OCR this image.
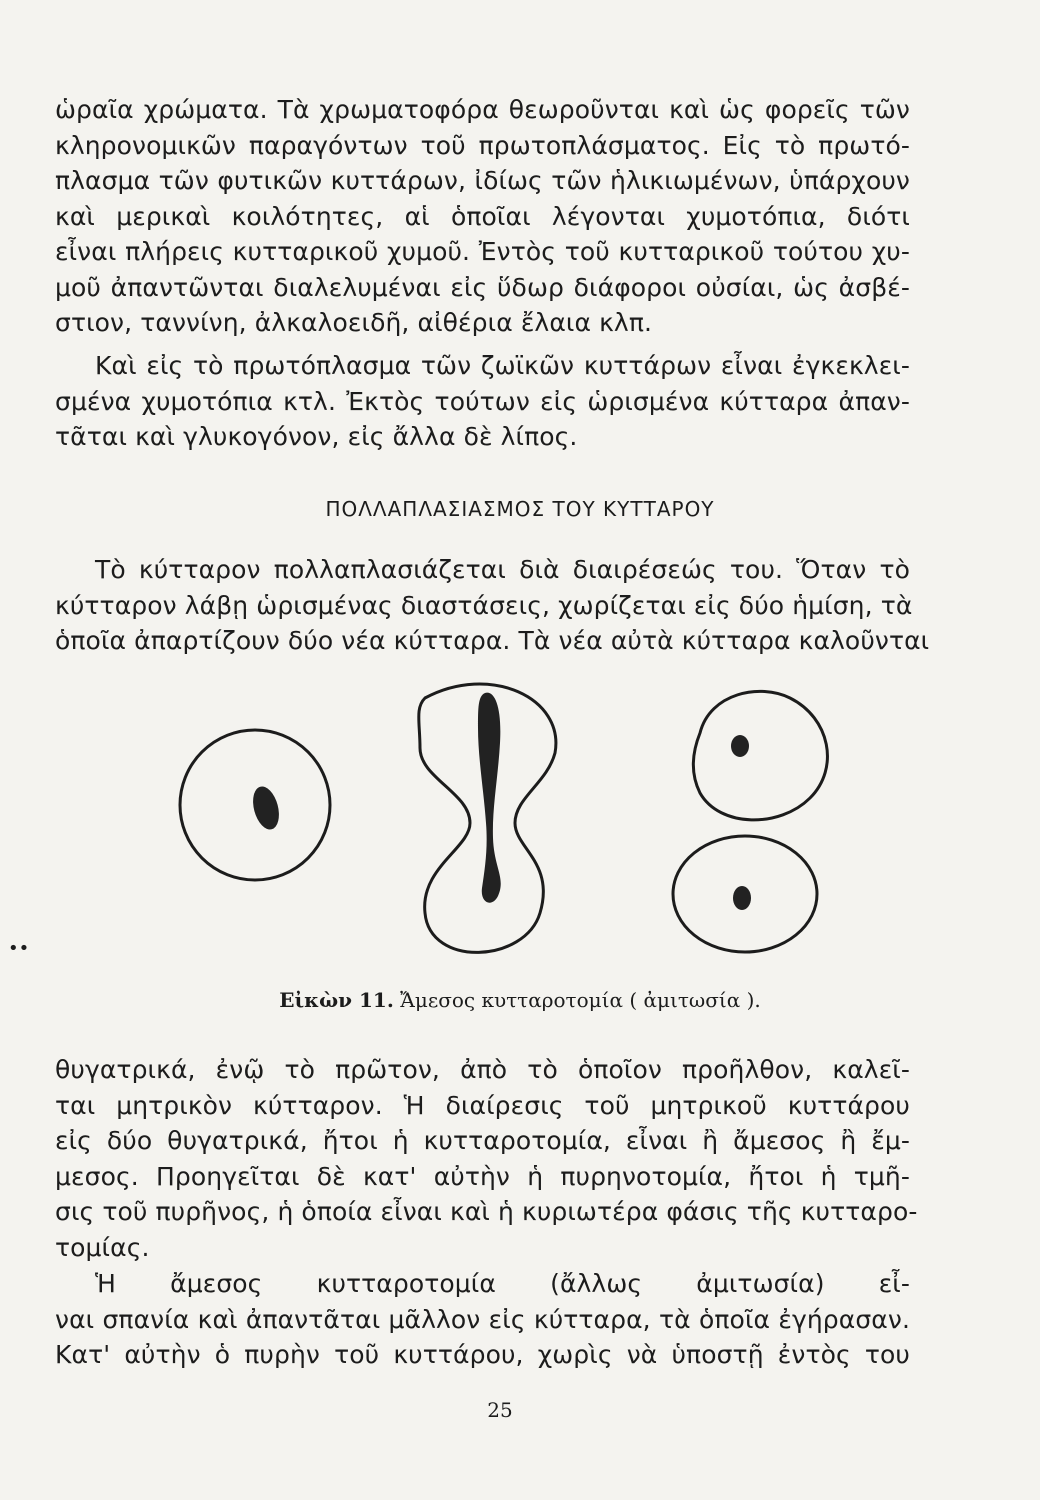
ὡραῖα χρώματα. Τὰ χρωματοφόρα θεωροῦνται καὶ ὡς φορεῖς τῶν
κληρονομικῶν παραγόντων τοῦ πρωτοπλάσματος. Εἰς τὸ πρωτό-
πλασμα τῶν φυτικῶν κυττάρων, ἰδίως τῶν ἡλικιωμένων, ὑπάρχουν
καὶ μερικαὶ κοιλότητες, αἱ ὁποῖαι λέγονται χυμοτόπια, διότι
εἶναι πλήρεις κυτταρικοῦ χυμοῦ. Ἐντὸς τοῦ κυτταρικοῦ τούτου χυ-
μοῦ ἀπαντῶνται διαλελυμέναι εἰς ὕδωρ διάφοροι οὐσίαι, ὡς ἀσβέ-
στιον, ταννίνη, ἀλκαλοειδῆ, αἰθέρια ἔλαια κλπ.
Καὶ εἰς τὸ πρωτόπλασμα τῶν ζωϊκῶν κυττάρων εἶναι ἐγκεκλει-
σμένα χυμοτόπια κτλ. Ἐκτὸς τούτων εἰς ὡρισμένα κύτταρα ἀπαν-
τᾶται καὶ γλυκογόνον, εἰς ἄλλα δὲ λίπος.
ΠΟΛΛΑΠΛΑΣΙΑΣΜΟΣ ΤΟΥ ΚΥΤΤΑΡΟΥ
Τὸ κύτταρον πολλαπλασιάζεται διὰ διαιρέσεώς του. Ὅταν τὸ
κύτταρον λάβῃ ὡρισμένας διαστάσεις, χωρίζεται εἰς δύο ἡμίση, τὰ
ὁποῖα ἀπαρτίζουν δύο νέα κύτταρα. Τὰ νέα αὐτὰ κύτταρα καλοῦνται
Εἰκὼν 11. Ἄμεσος κυτταροτομία ( ἀμιτωσία ).
θυγατρικά, ἐνῷ τὸ πρῶτον, ἀπὸ τὸ ὁποῖον προῆλθον, καλεῖ-
ται μητρικὸν κύτταρον. Ἡ διαίρεσις τοῦ μητρικοῦ κυττάρου
εἰς δύο θυγατρικά, ἤτοι ἡ κυτταροτομία, εἶναι ἢ ἄμεσος ἢ ἔμ-
μεσος. Προηγεῖται δὲ κατ' αὐτὴν ἡ πυρηνοτομία, ἤτοι ἡ τμῆ-
σις τοῦ πυρῆνος, ἡ ὁποία εἶναι καὶ ἡ κυριωτέρα φάσις τῆς κυτταρο-
τομίας.
Ἡ ἄμεσος κυτταροτομία (ἄλλως ἀμιτωσία) εἶ-
ναι σπανία καὶ ἀπαντᾶται μᾶλλον εἰς κύτταρα, τὰ ὁποῖα ἐγήρασαν.
Κατ' αὐτὴν ὁ πυρὴν τοῦ κυττάρου, χωρὶς νὰ ὑποστῇ ἐντὸς του
25
••
